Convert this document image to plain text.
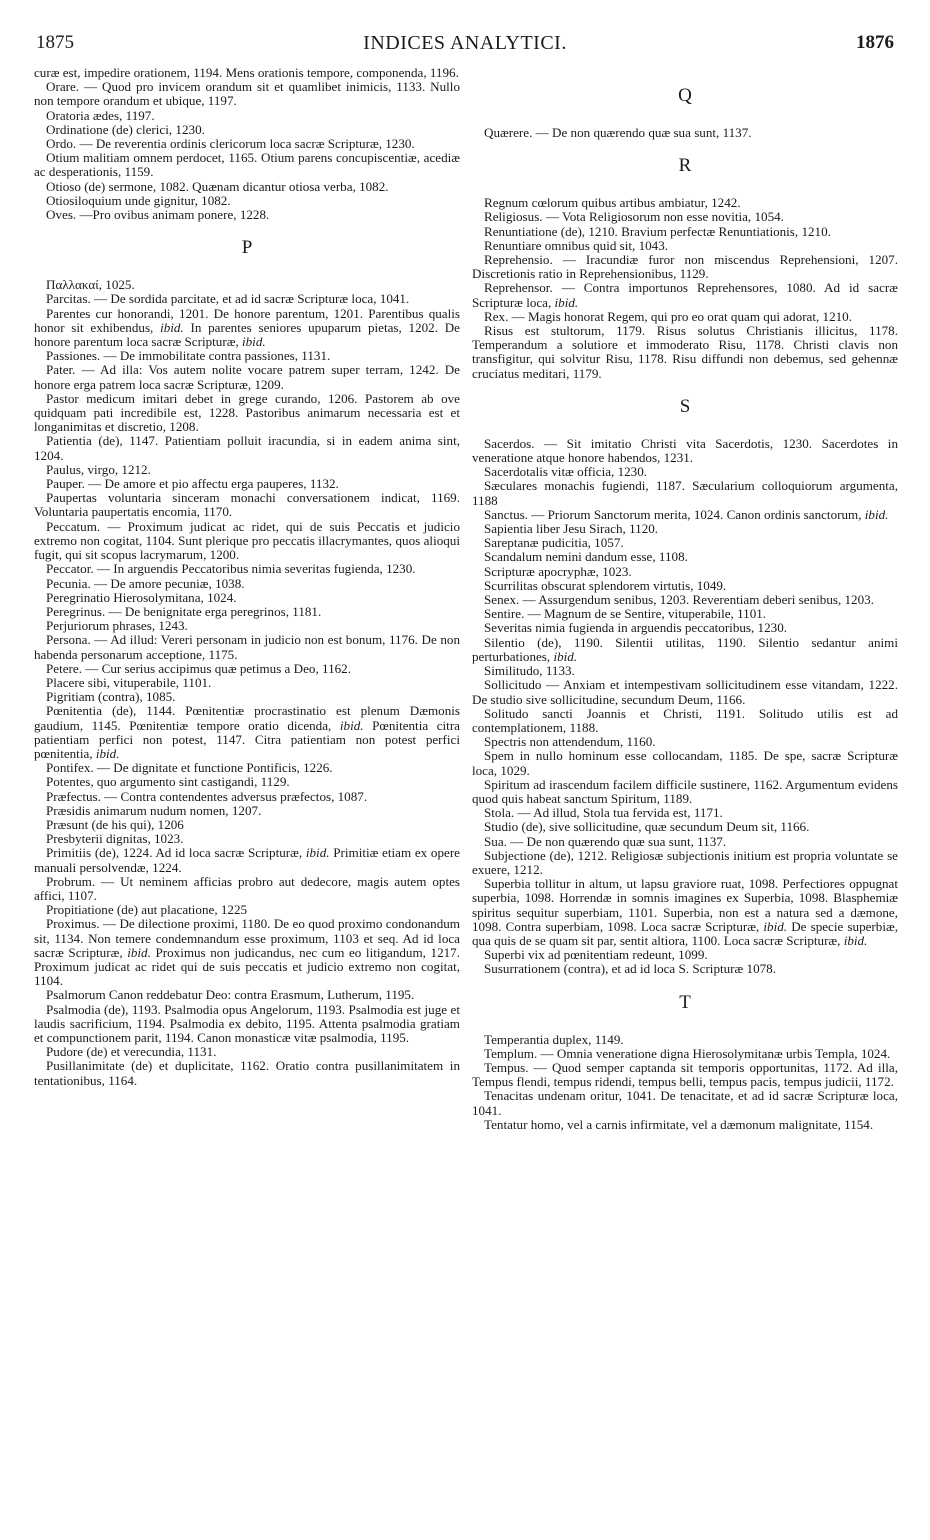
1875	INDICES ANALYTICI.	1876

curæ est, impedire orationem, 1194. Mens orationis tempore, componenda, 1196.

Orare. — Quod pro invicem orandum sit et quamlibet inimicis, 1133. Nullo non tempore orandum et ubique, 1197.

Oratoria ædes, 1197.

Ordinatione (de) clerici, 1230.

Ordo. — De reverentia ordinis clericorum loca sacræ Scripturæ, 1230.

Otium malitiam omnem perdocet, 1165. Otium parens concupiscentiæ, acediæ ac desperationis, 1159.

Otioso (de) sermone, 1082. Quænam dicantur otiosa verba, 1082.

Otiosiloquium unde gignitur, 1082.

Oves. —Pro ovibus animam ponere, 1228.

P

Παλλακαί, 1025.

Parcitas. — De sordida parcitate, et ad id sacræ Scripturæ loca, 1041.

Parentes cur honorandi, 1201. De honore parentum, 1201. Parentibus qualis honor sit exhibendus, ibid. In parentes seniores upuparum pietas, 1202. De honore parentum loca sacræ Scripturæ, ibid.

Passiones. — De immobilitate contra passiones, 1131.

Pater. — Ad illa: Vos autem nolite vocare patrem super terram, 1242. De honore erga patrem loca sacræ Scripturæ, 1209.

Pastor medicum imitari debet in grege curando, 1206. Pastorem ab ove quidquam pati incredibile est, 1228. Pastoribus animarum necessaria est et longanimitas et discretio, 1208.

Patientia (de), 1147. Patientiam polluit iracundia, si in eadem anima sint, 1204.

Paulus, virgo, 1212.

Pauper. — De amore et pio affectu erga pauperes, 1132.

Paupertas voluntaria sinceram monachi conversationem indicat, 1169. Voluntaria paupertatis encomia, 1170.

Peccatum. — Proximum judicat ac ridet, qui de suis Peccatis et judicio extremo non cogitat, 1104. Sunt plerique pro peccatis illacrymantes, quos alioqui fugit, qui sit scopus lacrymarum, 1200.

Peccator. — In arguendis Peccatoribus nimia severitas fugienda, 1230.

Pecunia. — De amore pecuniæ, 1038.

Peregrinatio Hierosolymitana, 1024.

Peregrinus. — De benignitate erga peregrinos, 1181.

Perjuriorum phrases, 1243.

Persona. — Ad illud: Vereri personam in judicio non est bonum, 1176. De non habenda personarum acceptione, 1175.

Petere. — Cur serius accipimus quæ petimus a Deo, 1162.

Placere sibi, vituperabile, 1101.

Pigritiam (contra), 1085.

Pœnitentia (de), 1144. Pœnitentiæ procrastinatio est plenum Dæmonis gaudium, 1145. Pœnitentiæ tempore oratio dicenda, ibid. Pœnitentia citra patientiam perfici non potest, 1147. Citra patientiam non potest perfici pœnitentia, ibid.

Pontifex. — De dignitate et functione Pontificis, 1226.

Potentes, quo argumento sint castigandi, 1129.

Præfectus. — Contra contendentes adversus præfectos, 1087.

Præsidis animarum nudum nomen, 1207.

Præsunt (de his qui), 1206

Presbyterii dignitas, 1023.

Primitiis (de), 1224. Ad id loca sacræ Scripturæ, ibid. Primitiæ etiam ex opere manuali persolvendæ, 1224.

Probrum. — Ut neminem afficias probro aut dedecore, magis autem optes affici, 1107.

Propitiatione (de) aut placatione, 1225

Proximus. — De dilectione proximi, 1180. De eo quod proximo condonandum sit, 1134. Non temere condemnandum esse proximum, 1103 et seq. Ad id loca sacræ Scripturæ, ibid. Proximus non judicandus, nec cum eo litigandum, 1217. Proximum judicat ac ridet qui de suis peccatis et judicio extremo non cogitat, 1104.

Psalmorum Canon reddebatur Deo: contra Erasmum, Lutherum, 1195.

Psalmodia (de), 1193. Psalmodia opus Angelorum, 1193. Psalmodia est juge et laudis sacrificium, 1194. Psalmodia ex debito, 1195. Attenta psalmodia gratiam et compunctionem parit, 1194. Canon monasticæ vitæ psalmodia, 1195.

Pudore (de) et verecundia, 1131.

Pusillanimitate (de) et duplicitate, 1162. Oratio contra pusillanimitatem in tentationibus, 1164.

Q

Quærere. — De non quærendo quæ sua sunt, 1137.

R

Regnum cœlorum quibus artibus ambiatur, 1242.

Religiosus. — Vota Religiosorum non esse novitia, 1054.

Renuntiatione (de), 1210. Bravium perfectæ Renuntiationis, 1210.

Renuntiare omnibus quid sit, 1043.

Reprehensio. — Iracundiæ furor non miscendus Reprehensioni, 1207. Discretionis ratio in Reprehensionibus, 1129.

Reprehensor. — Contra importunos Reprehensores, 1080. Ad id sacræ Scripturæ loca, ibid.

Rex. — Magis honorat Regem, qui pro eo orat quam qui adorat, 1210.

Risus est stultorum, 1179. Risus solutus Christianis illicitus, 1178. Temperandum a solutiore et immoderato Risu, 1178. Christi clavis non transfigitur, qui solvitur Risu, 1178. Risu diffundi non debemus, sed gehennæ cruciatus meditari, 1179.

S

Sacerdos. — Sit imitatio Christi vita Sacerdotis, 1230. Sacerdotes in veneratione atque honore habendos, 1231.

Sacerdotalis vitæ officia, 1230.

Sæculares monachis fugiendi, 1187. Sæcularium colloquiorum argumenta, 1188

Sanctus. — Priorum Sanctorum merita, 1024. Canon ordinis sanctorum, ibid.

Sapientia liber Jesu Sirach, 1120.

Sareptanæ pudicitia, 1057.

Scandalum nemini dandum esse, 1108.

Scripturæ apocryphæ, 1023.

Scurrilitas obscurat splendorem virtutis, 1049.

Senex. — Assurgendum senibus, 1203. Reverentiam deberi senibus, 1203.

Sentire. — Magnum de se Sentire, vituperabile, 1101.

Severitas nimia fugienda in arguendis peccatoribus, 1230.

Silentio (de), 1190. Silentii utilitas, 1190. Silentio sedantur animi perturbationes, ibid.

Similitudo, 1133.

Sollicitudo — Anxiam et intempestivam sollicitudinem esse vitandam, 1222. De studio sive sollicitudine, secundum Deum, 1166.

Solitudo sancti Joannis et Christi, 1191. Solitudo utilis est ad contemplationem, 1188.

Spectris non attendendum, 1160.

Spem in nullo hominum esse collocandam, 1185. De spe, sacræ Scripturæ loca, 1029.

Spiritum ad irascendum facilem difficile sustinere, 1162. Argumentum evidens quod quis habeat sanctum Spiritum, 1189.

Stola. — Ad illud, Stola tua fervida est, 1171.

Studio (de), sive sollicitudine, quæ secundum Deum sit, 1166.

Sua. — De non quærendo quæ sua sunt, 1137.

Subjectione (de), 1212. Religiosæ subjectionis initium est propria voluntate se exuere, 1212.

Superbia tollitur in altum, ut lapsu graviore ruat, 1098. Perfectiores oppugnat superbia, 1098. Horrendæ in somnis imagines ex Superbia, 1098. Blasphemiæ spiritus sequitur superbiam, 1101. Superbia, non est a natura sed a dæmone, 1098. Contra superbiam, 1098. Loca sacræ Scripturæ, ibid. De specie superbiæ, qua quis de se quam sit par, sentit altiora, 1100. Loca sacræ Scripturæ, ibid.

Superbi vix ad pœnitentiam redeunt, 1099.

Susurrationem (contra), et ad id loca S. Scripturæ 1078.

T

Temperantia duplex, 1149.

Templum. — Omnia veneratione digna Hierosolymitanæ urbis Templa, 1024.

Tempus. — Quod semper captanda sit temporis opportunitas, 1172. Ad illa, Tempus flendi, tempus ridendi, tempus belli, tempus pacis, tempus judicii, 1172.

Tenacitas undenam oritur, 1041. De tenacitate, et ad id sacræ Scripturæ loca, 1041.

Tentatur homo, vel a carnis infirmitate, vel a dæmonum malignitate, 1154.
